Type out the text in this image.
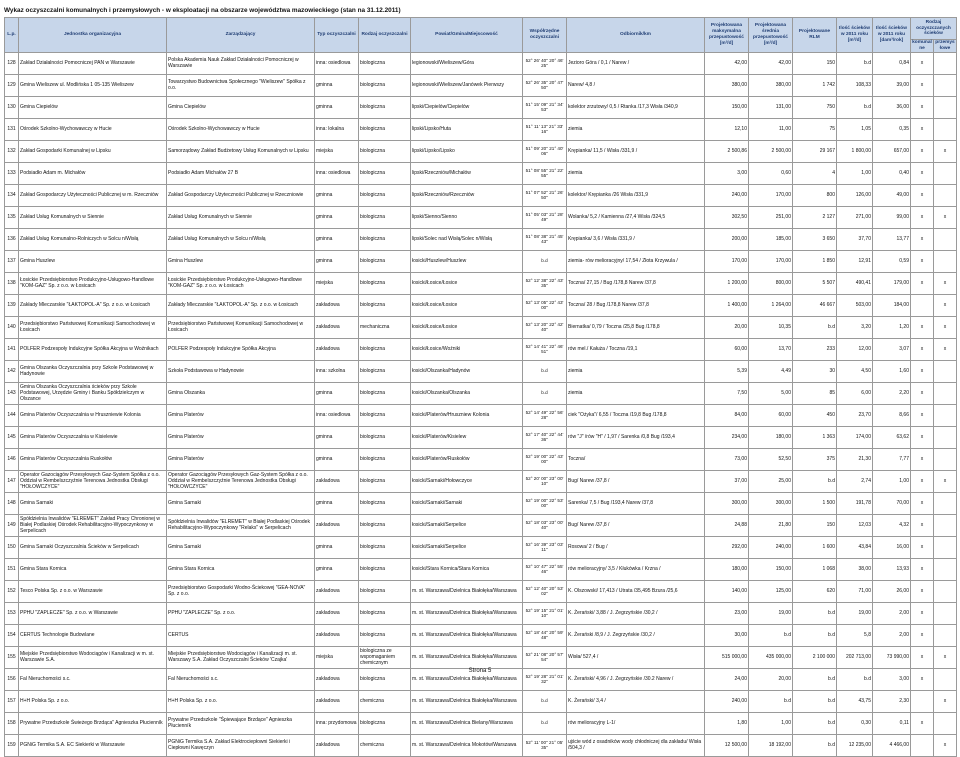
Wykaz oczyszczalni komunalnych i przemysłowych - w eksploatacji na obszarze województwa mazowieckiego (stan na 31.12.2011)
L.p.	Jednostka organizacyjna	Zarządzający	Typ oczyszczalni	Rodzaj oczyszczalni	Powiat/Gmina/Miejscowość	Współrzędne oczyszczalni	Odbiornik/km	Projektowana maksymalna przepustowość [m³/d]	Projektowana średnia przepustowość [m³/d]	Projektowane RLM	Ilość ścieków w 2011 roku [m³/d]	Ilość ścieków w 2011 roku [dam³/rok]	Rodzaj oczyszczanych ścieków	
													komunalne	przemysłowe
128	Zakład Działalności Pomocniczej PAN w Warszawie	Polska Akademia Nauk Zakład Działalności Pomocniczej w Warszawie	inna: osiedlowa	biologiczna	legionowski/Wieliszew/Góra	52° 26' 40'' 20° 46' 25''	Jezioro Góra / 0,1 / Narew /	42,00	42,00	150	b.d	0,84	x	
129	Gmina Wieliszew ul. Modlińska 1 05-135 Wieliszew	Towarzystwo Budownictwa Społecznego "Wieliszew" Spółka z o.o.	gminna	biologiczna	legionowski/Wieliszew/Janówek Pierwszy	52° 26' 35'' 20° 47' 50''	Narew/ 4,8 /	380,00	380,00	1 742	108,33	39,00	x	
130	Gmina Ciepielów	Gmina Ciepielów	gminna	biologiczna	lipski/Ciepielów/Ciepielów	51° 15' 09'' 21° 34' 53''	kolektor zrzutowy/ 0,5 / Rtanka /17,3 Wisła /340,9	150,00	131,00	750	b.d	36,00	x	
131	Ośrodek Szkolno-Wychowawczy w Hucie	Ośrodek Szkolno-Wychowawczy w Hucie	inna: lokalna	biologiczna	lipski/Lipsko/Huta	51° 11' 13'' 21° 33' 16''	ziemia	12,10	11,00	75	1,05	0,35	x	
132	Zakład Gospodarki Komunalnej w Lipsku	Samorządowy Zakład Budżetowy Usług Komunalnych w Lipsku	miejska	biologiczna	lipski/Lipsko/Lipsko	51° 09' 20'' 21° 40' 06''	Krępianka/ 11,5 / Wisła /331,9 /	2 500,86	2 500,00	29 167	1 800,00	657,00	x	x
133	Podsiadło Adam m. Michałów	Podsiadło Adam Michałów 27 B	inna: osiedlowa	biologiczna	lipski/Rzeczniów/Michałów	51° 08' 55'' 21° 22' 55''	ziemia	3,00	0,60	4	1,00	0,40	x	
134	Zakład Gospodarczy Użyteczności Publicznej w m. Rzeczniów	Zakład Gospodarczy Użyteczności Publicznej w Rzeczniowie	gminna	biologiczna	lipski/Rzeczniów/Rzeczniów	51° 07' 52'' 21° 26' 50''	kolektor/ Krępianka /26 Wisła /331,9	240,00	170,00	800	126,00	49,00	x	
135	Zakład Usług Komunalnych w Siennie	Zakład Usług Komunalnych w Siennie	gminna	biologiczna	lipski/Sienno/Sienno	51° 05' 03'' 21° 28' 49''	Wolanka/ 5,2 / Kamienna /27,4 Wisła /324,5	302,50	251,00	2 127	271,00	99,00	x	x
136	Zakład Usług Komunalno-Rolniczych w Solcu n/Wisłą	Zakład Usług Komunalnych w Solcu n/Wisłą	gminna	biologiczna	lipski/Solec nad Wisłą/Solec n/Wisłą	51° 08' 38'' 21° 45' 43''	Krępianka/ 3,6 / Wisła /331,9 /	200,00	185,00	3 650	37,70	13,77	x	
137	Gmina Huszlew	Gmina Huszlew	gminna	biologiczna	łosicki/Huszlew/Huszlew	b.d	ziemia- rów melioracyjny/ 17,54 / Złota Krzywula /	170,00	170,00	1 850	12,91	0,59	x	
138	Łosickie Przedsiębiorstwo Produkcyjno-Usługowo-Handlowe "KOM-GAZ" Sp. z o.o. w Łosicach	Łosickie Przedsiębiorstwo Produkcyjno-Usługowo-Handlowe "KOM-GAZ" Sp. z o.o. w Łosicach	miejska	biologiczna	łosicki/Łosice/Łosice	52° 12' 38'' 22° 43' 35''	Toczna/ 27,15 / Bug /178,8 Narew /37,8	1 200,00	800,00	5 507	490,41	179,00	x	x
139	Zakłady Mleczarskie "ŁAKTOPOL-A" Sp. z o.o. w Łosicach	Zakłady Mleczarskie "ŁAKTOPOL-A" Sp. z o.o. w Łosicach	zakładowa	biologiczna	łosicki/Łosice/Łosice	52° 13' 05'' 22° 43' 00''	Toczna/ 28 / Bug /178,8 Narew /37,8	1 400,00	1 264,00	46 667	503,00	184,00		x
140	Przedsiębiorstwo Państwowej Komunikacji Samochodowej w Łosicach	Przedsiębiorstwo Państwowej Komunikacji Samochodowej w Łosicach	zakładowa	mechaniczna	łosicki/Łosice/Łosice	52° 13' 20'' 22° 42' 40''	Biernatka/ 0,79 / Toczna /25,8 Bug /178,8	20,00	10,35	b.d	3,20	1,20	x	x
141	POLFER Podzespoły Indukcyjne Spółka Akcyjna w Woźnikach	POLFER Podzespoły Indukcyjne Spółka Akcyjna	zakładowa	biologiczna	łosicki/Łosice/Woźniki	52° 14' 41'' 22° 46' 51''	rów mel./ Kałuża / Toczna /19,1	60,00	13,70	233	12,00	3,07	x	x
142	Gmina Olszanka Oczyszczalnia przy Szkole Podstawowej w Hadynowie	Szkoła Podstawowa w Hadynowie	inna: szkolna	biologiczna	łosicki/Olszanka/Hadynów	b.d	ziemia	5,39	4,49	30	4,50	1,60	x	
143	Gmina Olszanka Oczyszczalnia ścieków przy Szkole Podstawowej, Urzędzie Gminy i Banku Spółdzielczym w Olszance	Gmina Olszanka	gminna	biologiczna	łosicki/Olszanka/Olszanka	b.d	ziemia	7,50	5,00	85	6,00	2,20	x	
144	Gmina Platerów Oczyszczalnia w Hruszniewie Kolonia	Gmina Platerów	inna: osiedlowa	biologiczna	łosicki/Platerów/Hruszniew Kolonia	52° 14' 49'' 22° 56' 28''	ciek "Ożyka"/ 6,55 / Toczna /19,8 Bug /178,8	84,00	60,00	450	23,70	8,66	x	
145	Gmina Platerów Oczyszczalnia w Kisielewie	Gmina Platerów	gminna	biologiczna	łosicki/Platerów/Kisielew	52° 17' 40'' 22° 44' 36''	rów "J" /rów "H" / 1,97 / Sarenka /0,8 Bug /193,4	234,00	180,00	1 363	174,00	63,62	x	
146	Gmina Platerów Oczyszczalnia Ruskołów	Gmina Platerów	gminna	biologiczna	łosicki/Platerów/Ruskołów	52° 19' 00'' 22° 43' 00''	Toczna/	73,00	52,50	375	21,30	7,77	x	
147	Operator Gazociągów Przesyłowych Gaz-System Spółka z o.o. Oddział w Rembelszczyźnie Terenowa Jednostka Obsługi "HOŁOWCZYCE"	Operator Gazociągów Przesyłowych Gaz-System Spółka z o.o. Oddział w Rembelszczyźnie Terenowa Jednostka Obsługi "HOŁOWCZYCE"	zakładowa	biologiczna	łosicki/Sarnaki/Hołowczyce	52° 20' 00'' 23° 00' 10''	Bug/ Narew /37,8 /	37,00	25,00	b.d	2,74	1,00	x	x
148	Gmina Sarnaki	Gmina Sarnaki	gminna	biologiczna	łosicki/Sarnaki/Sarnaki	52° 19' 00'' 22° 53' 00''	Sarenka/ 7,5 / Bug /193,4 Narew /37,8	300,00	300,00	1 500	191,78	70,00	x	
149	Spółdzielnia Inwalidów "ELREMET" Zakład Pracy Chronionej w Białej Podlaskiej Ośrodek Rehabilitacyjno-Wypoczynkowy w Serpelicach	Spółdzielnia Inwalidów "ELREMET" w Białej Podlaskiej Ośrodek Rehabilitacyjno-Wypoczynkowy "Relaks" w Serpelicach	zakładowa	biologiczna	łosicki/Sarnaki/Serpelice	52° 18' 03'' 23° 00' 40''	Bug/ Narew /37,8 /	24,88	21,80	150	12,03	4,32	x	
150	Gmina Sarnaki Oczyszczalnia Ścieków w Serpelicach	Gmina Sarnaki	gminna	biologiczna	łosicki/Sarnaki/Serpelice	52° 16' 39'' 23° 03' 11''	Rosowa/ 2 / Bug /	292,00	240,00	1 600	43,84	16,00	x	
151	Gmina Stara Kornica	Gmina Stara Kornica	gminna	biologiczna	łosicki/Stara Kornica/Stara Kornica	52° 10' 47'' 22° 55' 46''	rów melioracyjny/ 3,5 / Kłukówka / Krzna /	180,00	150,00	1 068	38,00	13,93	x	
152	Tesco Polska Sp. z o.o. w Warszawie	Przedsiębiorstwo Gospodarki Wodno-Ściekowej "GEA-NOVA" Sp. z o.o.	zakładowa	biologiczna	m. st. Warszawa/Dzielnica Białołęka/Warszawa	52° 12' 40'' 20° 53' 02''	K. Olszowski/ 17,413 / Utrata /35,495 Bzura /25,6	140,00	125,00	620	71,00	26,00	x	
153	PPHU "ZAPLECZE" Sp. z o.o. w Warszawie	PPHU "ZAPLECZE" Sp. z o.o.	zakładowa	biologiczna	m. st. Warszawa/Dzielnica Białołęka/Warszawa	52° 19' 15'' 21° 01' 10''	K. Żerański/ 3,88 / J. Zegrzyńskie /30,2 /	23,00	19,00	b.d	19,00	2,00	x	
154	CERTUS Technologie Budowlane	CERTUS	zakładowa	biologiczna	m. st. Warszawa/Dzielnica Białołęka/Warszawa	52° 18' 44'' 20° 59' 48''	K. Żerański /8,9 / J. Zegrzyńskie /30,2 /	30,00	b.d	b.d	5,8	2,00	x	
155	Miejskie Przedsiębiorstwo Wodociągów i Kanalizacji w m. st. Warszawie S.A.	Miejskie Przedsiębiorstwo Wodociągów i Kanalizacji m. st. Warszawy S.A. Zakład Oczyszczalni Ścieków 'Czajka'	miejska	biologiczna ze wspomaganiem chemicznym	m. st. Warszawa/Dzielnica Białołęka/Warszawa	52° 21' 08'' 20° 57' 54''	Wisła/ 527,4 /	515 000,00	435 000,00	2 100 000	202 713,00	73 990,00	x	x
156	Fal Nieruchomości s.c.	Fal Nieruchomości s.c.	zakładowa	biologiczna	m. st. Warszawa/Dzielnica Białołęka/Warszawa	52° 19' 28'' 21° 01' 32''	K. Żerański/ 4,96 / J. Zegrzyńskie /30.2 Narew /	24,00	20,00	b.d	b.d	3,00	x	
157	H+H Polska Sp. z o.o.	H+H Polska Sp. z o.o.	zakładowa	chemiczna	m. st. Warszawa/Dzielnica Białołęka/Warszawa	b.d	K. Żerański/ 3,4 /	240,00	b.d	b.d	43,75	2,30		x
158	Prywatne Przedszkole Świeżego Brzdąca" Agnieszka Płucienník	Prywatne Przedszkole "Śpiewające Brzdące" Agnieszka Płucienník	inna: przydomowa	biologiczna	m. st. Warszawa/Dzielnica Bielany/Warszawa	b.d	rów melioracyjny L-1/	1,80	1,00	b.d	0,30	0,11	x	
159	PGNiG Termika S.A. EC Siekierki w Warszawie	PGNiG Termika S.A. Zakład Elektrociepłowni Siekierki i Ciepłowni Kawęczyn	zakładowa	chemiczna	m. st. Warszawa/Dzielnica Mokotów/Warszawa	52° 11' 00'' 21° 05' 35''	ujście wód z osadników wody chłodniczej dla zakładu/ Wisła /504,3 /	12 500,00	18 192,00	b.d	12 235,00	4 466,00		x
Strona 5
